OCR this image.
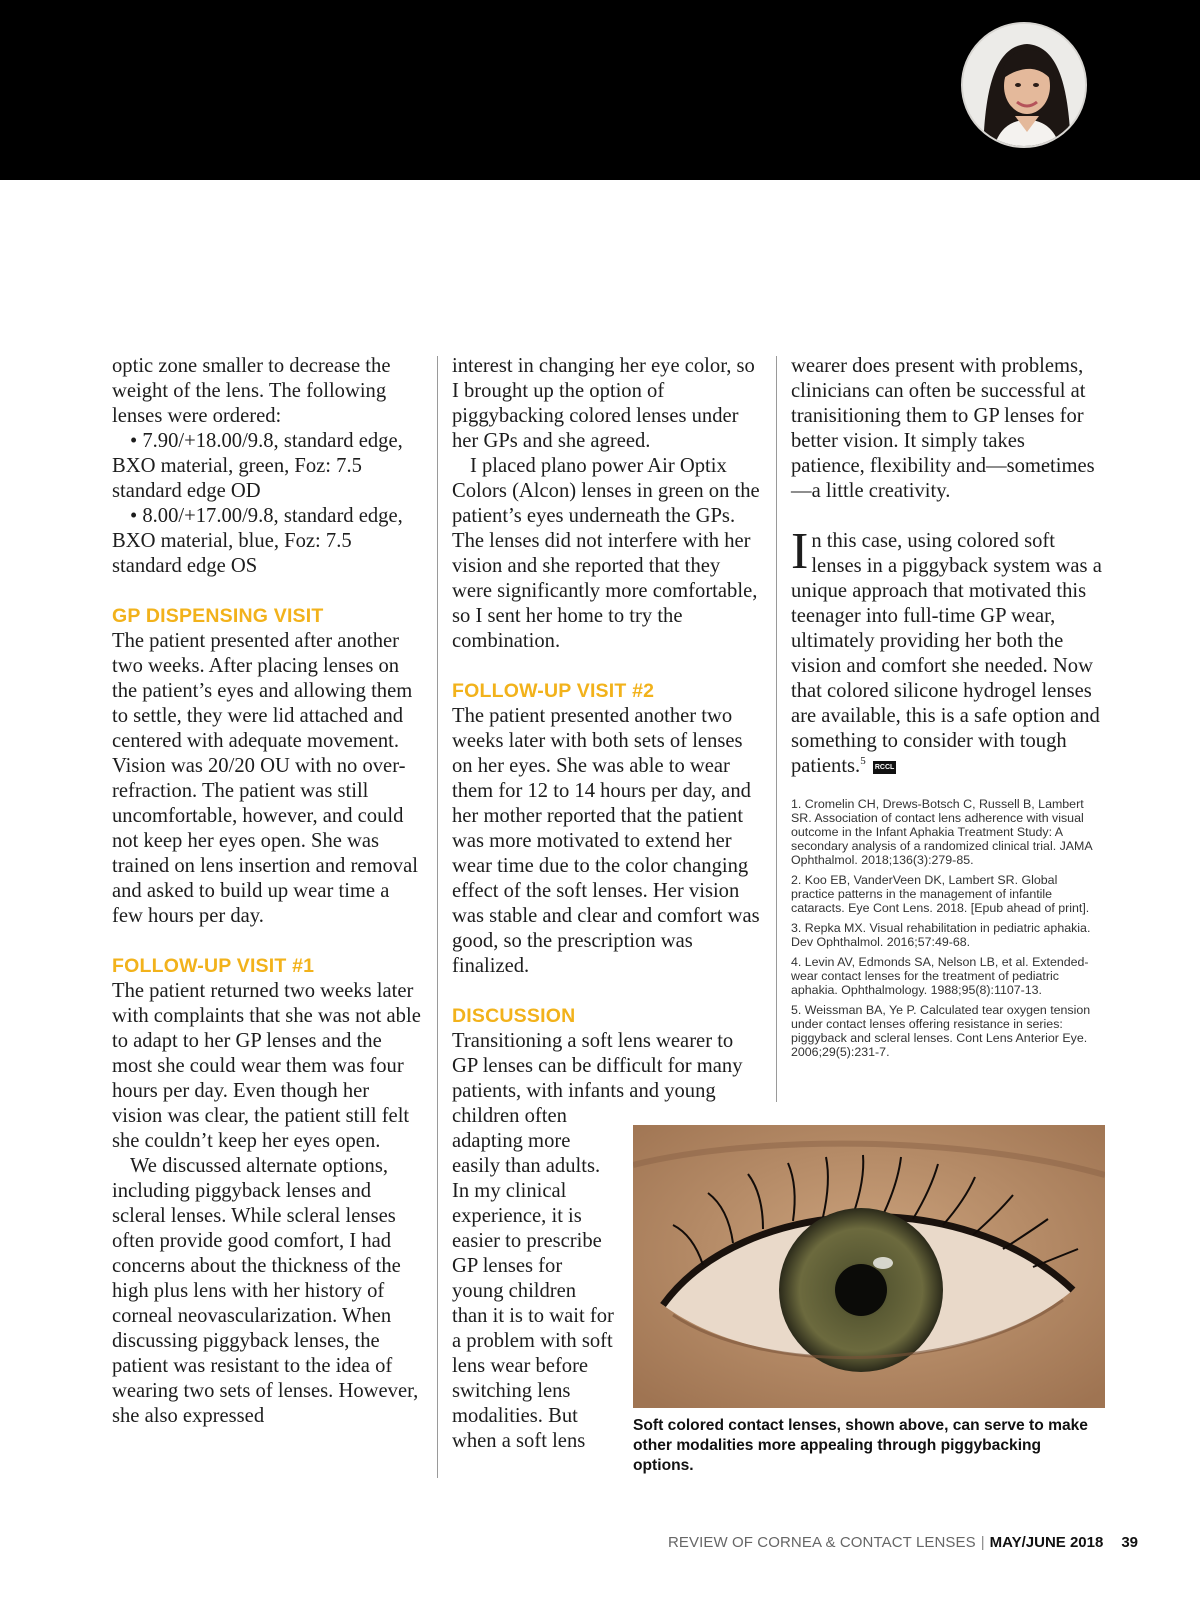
optic zone smaller to decrease the weight of the lens. The following lenses were ordered:

• 7.90/+18.00/9.8, standard edge, BXO material, green, Foz: 7.5 standard edge OD

• 8.00/+17.00/9.8, standard edge, BXO material, blue, Foz: 7.5 standard edge OS

GP DISPENSING VISIT

The patient presented after another two weeks. After placing lenses on the patient’s eyes and allowing them to settle, they were lid attached and centered with adequate movement. Vision was 20/20 OU with no over-refraction. The patient was still uncomfortable, however, and could not keep her eyes open. She was trained on lens insertion and removal and asked to build up wear time a few hours per day.

FOLLOW-UP VISIT #1

The patient returned two weeks later with complaints that she was not able to adapt to her GP lenses and the most she could wear them was four hours per day. Even though her vision was clear, the patient still felt she couldn’t keep her eyes open.

We discussed alternate options, including piggyback lenses and scleral lenses. While scleral lenses often provide good comfort, I had concerns about the thickness of the high plus lens with her history of corneal neovascularization. When discussing piggyback lenses, the patient was resistant to the idea of wearing two sets of lenses. However, she also expressed

interest in changing her eye color, so I brought up the option of piggybacking colored lenses under her GPs and she agreed.

I placed plano power Air Optix Colors (Alcon) lenses in green on the patient’s eyes underneath the GPs. The lenses did not interfere with her vision and she reported that they were significantly more comfortable, so I sent her home to try the combination.

FOLLOW-UP VISIT #2

The patient presented another two weeks later with both sets of lenses on her eyes. She was able to wear them for 12 to 14 hours per day, and her mother reported that the patient was more motivated to extend her wear time due to the color changing effect of the soft lenses. Her vision was stable and clear and comfort was good, so the prescription was finalized.

DISCUSSION

Transitioning a soft lens wearer to GP lenses can be difficult for many patients, with infants and young

children often adapting more easily than adults. In my clinical experience, it is easier to prescribe GP lenses for young children than it is to wait for a problem with soft lens wear before switching lens modalities. But when a soft lens

wearer does present with problems, clinicians can often be successful at tranisitioning them to GP lenses for better vision. It simply takes patience, flexibility and—sometimes—a little creativity.

In this case, using colored soft lenses in a piggyback system was a unique approach that motivated this teenager into full-time GP wear, ultimately providing her both the vision and comfort she needed. Now that colored silicone hydrogel lenses are available, this is a safe option and something to consider with tough patients.$^5$ RCCL

1. Cromelin CH, Drews-Botsch C, Russell B, Lambert SR. Association of contact lens adherence with visual outcome in the Infant Aphakia Treatment Study: A secondary analysis of a randomized clinical trial. JAMA Ophthalmol. 2018;136(3):279-85.
2. Koo EB, VanderVeen DK, Lambert SR. Global practice patterns in the management of infantile cataracts. Eye Cont Lens. 2018. [Epub ahead of print].
3. Repka MX. Visual rehabilitation in pediatric aphakia. Dev Ophthalmol. 2016;57:49-68.
4. Levin AV, Edmonds SA, Nelson LB, et al. Extended-wear contact lenses for the treatment of pediatric aphakia. Ophthalmology. 1988;95(8):1107-13.
5. Weissman BA, Ye P. Calculated tear oxygen tension under contact lenses offering resistance in series: piggyback and scleral lenses. Cont Lens Anterior Eye. 2006;29(5):231-7.
Soft colored contact lenses, shown above, can serve to make other modalities more appealing through piggybacking options.
REVIEW OF CORNEA & CONTACT LENSES | MAY/JUNE 2018 39
